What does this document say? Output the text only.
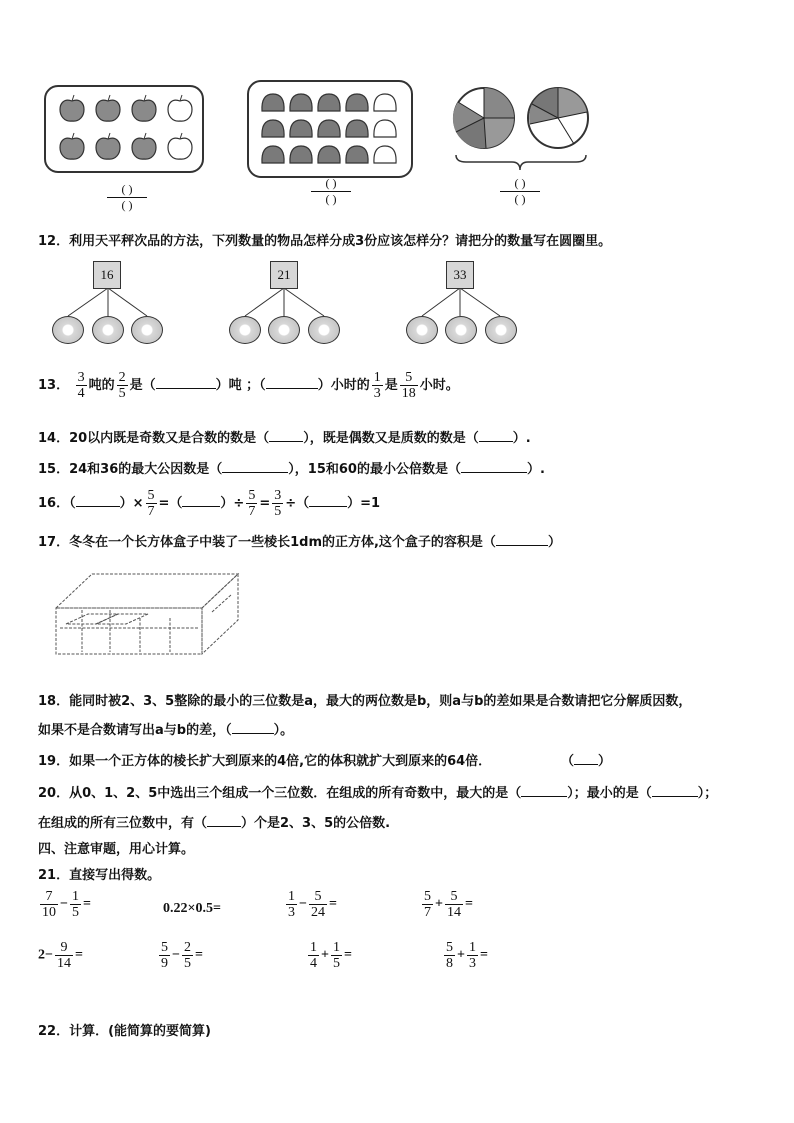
( )
( )
( )
( )
( )
( )
12．利用天平秤次品的方法，下列数量的物品怎样分成3份应该怎样分？请把分的数量写在圆圈里。
16	21	33
13． $\frac{3}{4}$ 吨的 $\frac{2}{5}$ 是（	）吨 ；（	）小时的 $\frac{1}{3}$ 是 $\frac{5}{18}$ 小时。
14．20以内既是奇数又是合数的数是（	），既是偶数又是质数的数是（	）.
15．24和36的最大公因数是（	），15和60的最小公倍数是（	）.
16．（	）× $\frac{5}{7}$ =（	）÷ $\frac{5}{7} = \frac{3}{5}$ ÷（	）=1
17．冬冬在一个长方体盒子中装了一些棱长1dm的正方体,这个盒子的容积是（	）
18．能同时被2、3、5整除的最小的三位数是a，最大的两位数是b，则a与b的差如果是合数请把它分解质因数，
如果不是合数请写出a与b的差，（	）。
19．如果一个正方体的棱长扩大到原来的4倍,它的体积就扩大到原来的64倍．	（ ）
20．从0、1、2、5中选出三个组成一个三位数．在组成的所有奇数中，最大的是（	）；最小的是（	）；
在组成的所有三位数中，有（	）个是2、3、5的公倍数.
四、注意审题，用心计算。
21．直接写出得数。
$\frac{7}{10} - \frac{1}{5}$ =	0.22×0.5=	$\frac{1}{3} - \frac{5}{24}$ =	$\frac{5}{7} + \frac{5}{14}$ =
$2- \frac{9}{14}$ =	$\frac{5}{9} - \frac{2}{5}$ =	$\frac{1}{4} + \frac{1}{5}$ =	$\frac{5}{8} + \frac{1}{3}$ =
22．计算．(能简算的要简算)
